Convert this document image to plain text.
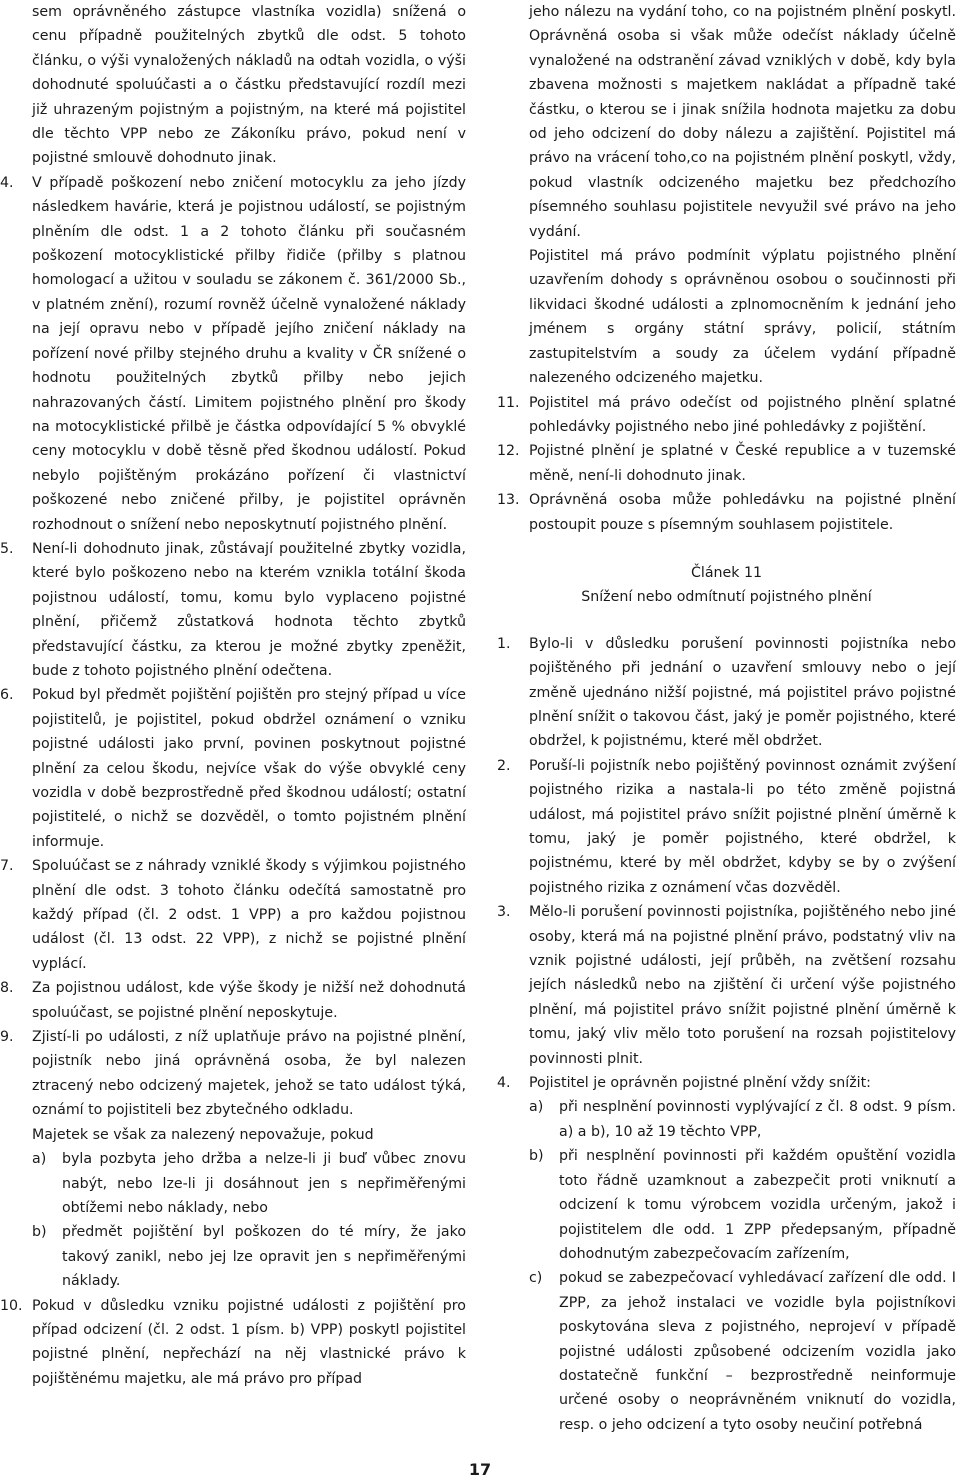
sem oprávněného zástupce vlastníka vozidla) snížená o cenu případně použitelných zbytků dle odst. 5 tohoto článku, o výši vynaložených nákladů na odtah vozidla, o výši dohodnuté spoluúčasti a o částku představující rozdíl mezi již uhrazeným pojistným a pojistným, na které má pojistitel dle těchto VPP nebo ze Zákoníku právo, pokud není v pojistné smlouvě dohodnuto jinak.
4.	V případě poškození nebo zničení motocyklu za jeho jízdy následkem havárie, která je pojistnou událostí, se pojistným plněním dle odst. 1 a 2 tohoto článku při současném poškození motocyklistické přilby řidiče (přilby s platnou homologací a užitou v souladu se zákonem č. 361/2000 Sb., v platném znění), rozumí rovněž účelně vynaložené náklady na její opravu nebo v případě jejího zničení náklady na pořízení nové přilby stejného druhu a kvality v ČR snížené o hodnotu použitelných zbytků přilby nebo jejich nahrazovaných částí. Limitem pojistného plnění pro škody na motocyklistické přilbě je částka odpovídající 5 % obvyklé ceny motocyklu v době těsně před škodnou událostí. Pokud nebylo pojištěným prokázáno pořízení či vlastnictví poškozené nebo zničené přilby, je pojistitel oprávněn rozhodnout o snížení nebo neposkytnutí pojistného plnění.
5.	Není-li dohodnuto jinak, zůstávají použitelné zbytky vozidla, které bylo poškozeno nebo na kterém vznikla totální škoda pojistnou událostí, tomu, komu bylo vyplaceno pojistné plnění, přičemž zůstatková hodnota těchto zbytků představující částku, za kterou je možné zbytky zpeněžit, bude z tohoto pojistného plnění odečtena.
6.	Pokud byl předmět pojištění pojištěn pro stejný případ u více pojistitelů, je pojistitel, pokud obdržel oznámení o vzniku pojistné události jako první, povinen poskytnout pojistné plnění za celou škodu, nejvíce však do výše obvyklé ceny vozidla v době bezprostředně před škodnou událostí; ostatní pojistitelé, o nichž se dozvěděl, o tomto pojistném plnění informuje.
7.	Spoluúčast se z náhrady vzniklé škody s výjimkou pojistného plnění dle odst. 3 tohoto článku odečítá samostatně pro každý případ (čl. 2 odst. 1 VPP) a pro každou pojistnou událost (čl. 13 odst. 22 VPP), z nichž se pojistné plnění vyplácí.
8.	Za pojistnou událost, kde výše škody je nižší než dohodnutá spoluúčast, se pojistné plnění neposkytuje.
9.	Zjistí-li po události, z níž uplatňuje právo na pojistné plnění, pojistník nebo jiná oprávněná osoba, že byl nalezen ztracený nebo odcizený majetek, jehož se tato událost týká, oznámí to pojistiteli bez zbytečného odkladu.
Majetek se však za nalezený nepovažuje, pokud
a)	byla pozbyta jeho držba a nelze-li ji buď vůbec znovu nabýt, nebo lze-li ji dosáhnout jen s nepřiměřenými obtížemi nebo náklady, nebo
b)	předmět pojištění byl poškozen do té míry, že jako takový zanikl, nebo jej lze opravit jen s nepřiměřenými náklady.
10. Pokud v důsledku vzniku pojistné události z pojištění pro případ odcizení (čl. 2 odst. 1 písm. b) VPP) poskytl pojistitel pojistné plnění, nepřechází na něj vlastnické právo k pojištěnému majetku, ale má právo pro případ
jeho nálezu na vydání toho, co na pojistném plnění poskytl. Oprávněná osoba si však může odečíst náklady účelně vynaložené na odstranění závad vzniklých v době, kdy byla zbavena možnosti s majetkem nakládat a případně také částku, o kterou se i jinak snížila hodnota majetku za dobu od jeho odcizení do doby nálezu a zajištění. Pojistitel má právo na vrácení toho,co na pojistném plnění poskytl, vždy, pokud vlastník odcizeného majetku bez předchozího písemného souhlasu pojistitele nevyužil své právo na jeho vydání.
Pojistitel má právo podmínit výplatu pojistného plnění uzavřením dohody s oprávněnou osobou o součinnosti při likvidaci škodné události a zplnomocněním k jednání jeho jménem s orgány státní správy, policií, státním zastupitelstvím a soudy za účelem vydání případně nalezeného odcizeného majetku.
11. Pojistitel má právo odečíst od pojistného plnění splatné pohledávky pojistného nebo jiné pohledávky z pojištění.
12. Pojistné plnění je splatné v České republice a v tuzemské měně, není-li dohodnuto jinak.
13. Oprávněná osoba může pohledávku na pojistné plnění postoupit pouze s písemným souhlasem pojistitele.
Článek 11
Snížení nebo odmítnutí pojistného plnění
1.	Bylo-li v důsledku porušení povinnosti pojistníka nebo pojištěného při jednání o uzavření smlouvy nebo o její změně ujednáno nižší pojistné, má pojistitel právo pojistné plnění snížit o takovou část, jaký je poměr pojistného, které obdržel, k pojistnému, které měl obdržet.
2.	Poruší-li pojistník nebo pojištěný povinnost oznámit zvýšení pojistného rizika a nastala-li po této změně pojistná událost, má pojistitel právo snížit pojistné plnění úměrně k tomu, jaký je poměr pojistného, které obdržel, k pojistnému, které by měl obdržet, kdyby se by o zvýšení pojistného rizika z oznámení včas dozvěděl.
3.	Mělo-li porušení povinnosti pojistníka, pojištěného nebo jiné osoby, která má na pojistné plnění právo, podstatný vliv na vznik pojistné události, její průběh, na zvětšení rozsahu jejích následků nebo na zjištění či určení výše pojistného plnění, má pojistitel právo snížit pojistné plnění úměrně k tomu, jaký vliv mělo toto porušení na rozsah pojistitelovy povinnosti plnit.
4.	Pojistitel je oprávněn pojistné plnění vždy snížit:
a)	při nesplnění povinnosti vyplývající z čl. 8 odst. 9 písm. a) a b), 10 až 19 těchto VPP,
b)	při nesplnění povinnosti při každém opuštění vozidla toto řádně uzamknout a zabezpečit proti vniknutí a odcizení k tomu výrobcem vozidla určeným, jakož i pojistitelem dle odd. 1 ZPP předepsaným, případně dohodnutým zabezpečovacím zařízením,
c)	pokud se zabezpečovací vyhledávací zařízení dle odd. I ZPP, za jehož instalaci ve vozidle byla pojistníkovi poskytována sleva z pojistného, neprojeví v případě pojistné události způsobené odcizením vozidla jako dostatečně funkční – bezprostředně neinformuje určené osoby o neoprávněném vniknutí do vozidla, resp. o jeho odcizení a tyto osoby neučiní potřebná
17
